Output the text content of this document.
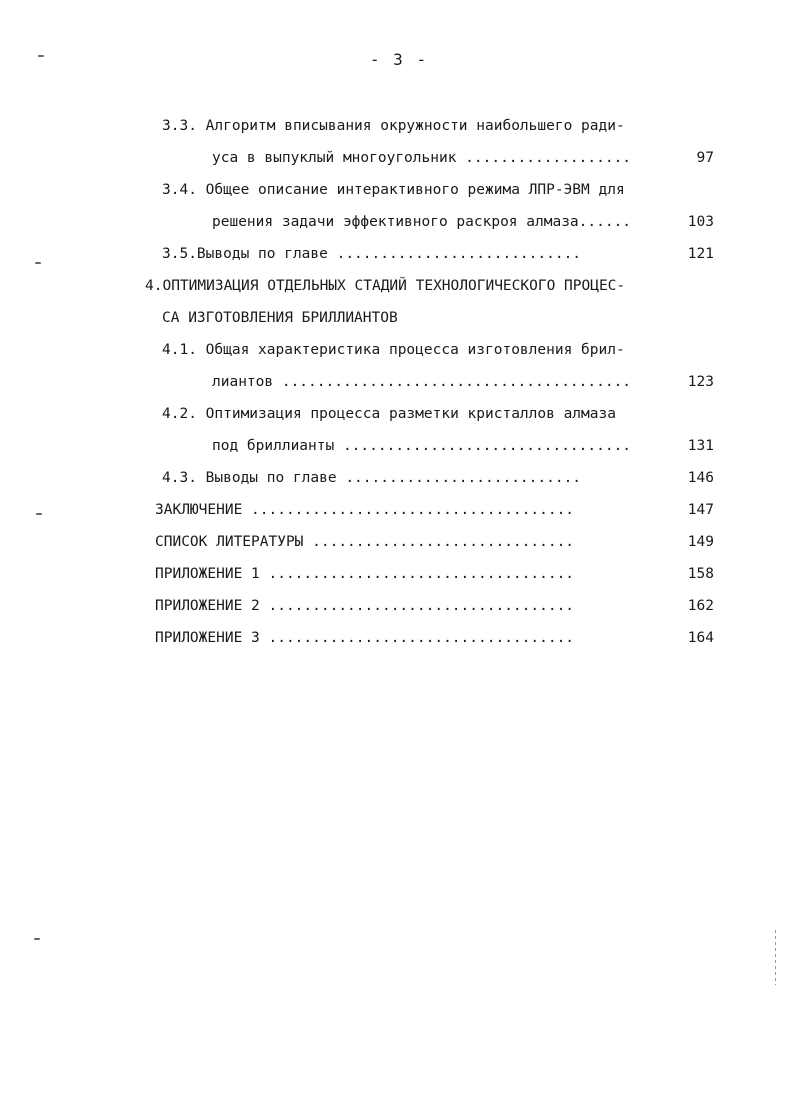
- 3 -
3.3. Алгоритм вписывания окружности наибольшего ради-
уса в выпуклый многоугольник ...................	97
3.4. Общее описание интерактивного режима ЛПР-ЭВМ для
решения задачи эффективного раскроя алмаза......	103
3.5.Выводы по главе ............................	121
4.ОПТИМИЗАЦИЯ ОТДЕЛЬНЫХ СТАДИЙ ТЕХНОЛОГИЧЕСКОГО ПРОЦЕС-
СА ИЗГОТОВЛЕНИЯ БРИЛЛИАНТОВ
4.1. Общая характеристика процесса изготовления брил-
лиантов ........................................	123
4.2. Оптимизация процесса разметки кристаллов алмаза
под бриллианты .................................	131
4.3. Выводы по главе ...........................	146
ЗАКЛЮЧЕНИЕ .....................................	147
СПИСОК ЛИТЕРАТУРЫ ..............................	149
ПРИЛОЖЕНИЕ 1 ...................................	158
ПРИЛОЖЕНИЕ 2 ...................................	162
ПРИЛОЖЕНИЕ 3 ...................................	164
